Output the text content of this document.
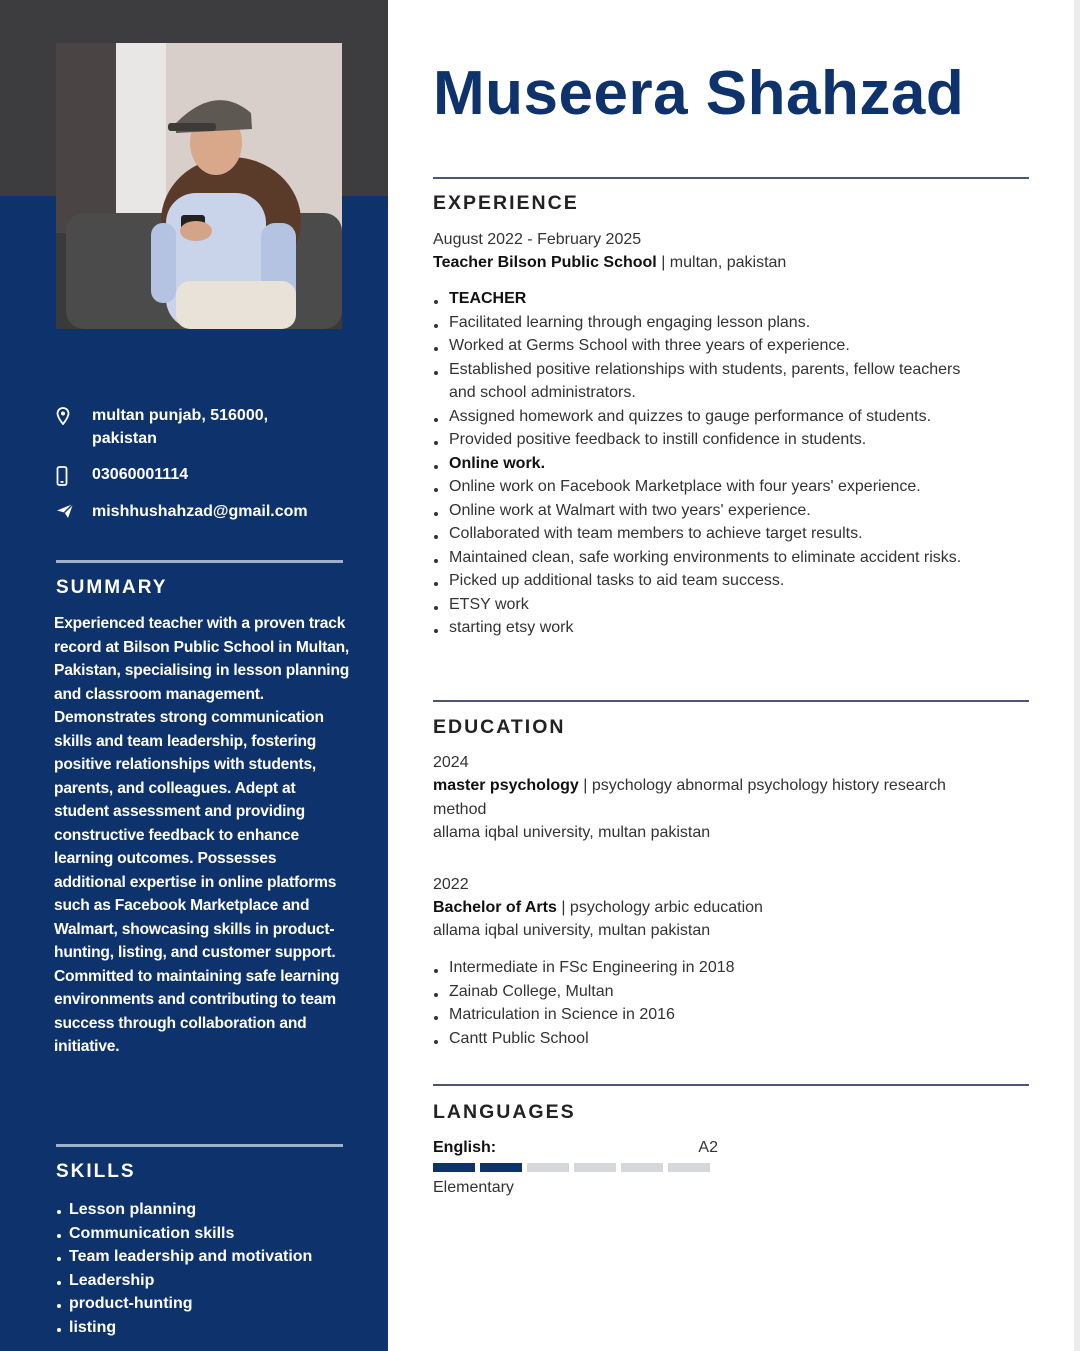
multan punjab, 516000,
pakistan
03060001114
mishhushahzad@gmail.com
SUMMARY
Experienced teacher with a proven track record at Bilson Public School in Multan, Pakistan, specialising in lesson planning and classroom management. Demonstrates strong communication skills and team leadership, fostering positive relationships with students, parents, and colleagues. Adept at student assessment and providing constructive feedback to enhance learning outcomes. Possesses additional expertise in online platforms such as Facebook Marketplace and Walmart, showcasing skills in product-hunting, listing, and customer support. Committed to maintaining safe learning environments and contributing to team success through collaboration and initiative.
SKILLS
Lesson planning
Communication skills
Team leadership and motivation
Leadership
product-hunting
listing
Museera Shahzad
EXPERIENCE
August 2022 - February 2025
Teacher Bilson Public School | multan, pakistan
TEACHER
Facilitated learning through engaging lesson plans.
Worked at Germs School with three years of experience.
Established positive relationships with students, parents, fellow teachers and school administrators.
Assigned homework and quizzes to gauge performance of students.
Provided positive feedback to instill confidence in students.
Online work.
Online work on Facebook Marketplace with four years' experience.
Online work at Walmart with two years' experience.
Collaborated with team members to achieve target results.
Maintained clean, safe working environments to eliminate accident risks.
Picked up additional tasks to aid team success.
ETSY work
starting etsy work
EDUCATION
2024
master psychology | psychology abnormal psychology history research method
allama iqbal university, multan pakistan
2022
Bachelor of Arts | psychology arbic education
allama iqbal university, multan pakistan
Intermediate in FSc Engineering in 2018
Zainab College, Multan
Matriculation in Science in 2016
Cantt Public School
LANGUAGES
English:	A2
Elementary
